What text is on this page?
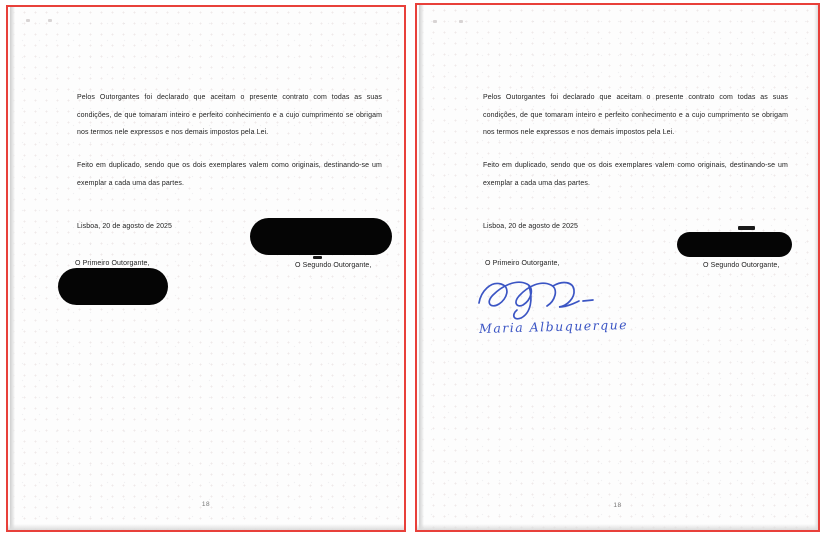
Pelos Outorgantes foi declarado que aceitam o presente contrato com todas as suas condições, de que tomaram inteiro e perfeito conhecimento e a cujo cumprimento se obrigam nos termos nele expressos e nos demais impostos pela Lei.
Feito em duplicado, sendo que os dois exemplares valem como originais, destinando-se um exemplar a cada uma das partes.
Lisboa, 20 de agosto de 2025
O Primeiro Outorgante,	O Segundo Outorgante,
18
Pelos Outorgantes foi declarado que aceitam o presente contrato com todas as suas condições, de que tomaram inteiro e perfeito conhecimento e a cujo cumprimento se obrigam nos termos nele expressos e nos demais impostos pela Lei.
Feito em duplicado, sendo que os dois exemplares valem como originais, destinando-se um exemplar a cada uma das partes.
Lisboa, 20 de agosto de 2025
O Primeiro Outorgante,	O Segundo Outorgante,
Maria Albuquerque
18
